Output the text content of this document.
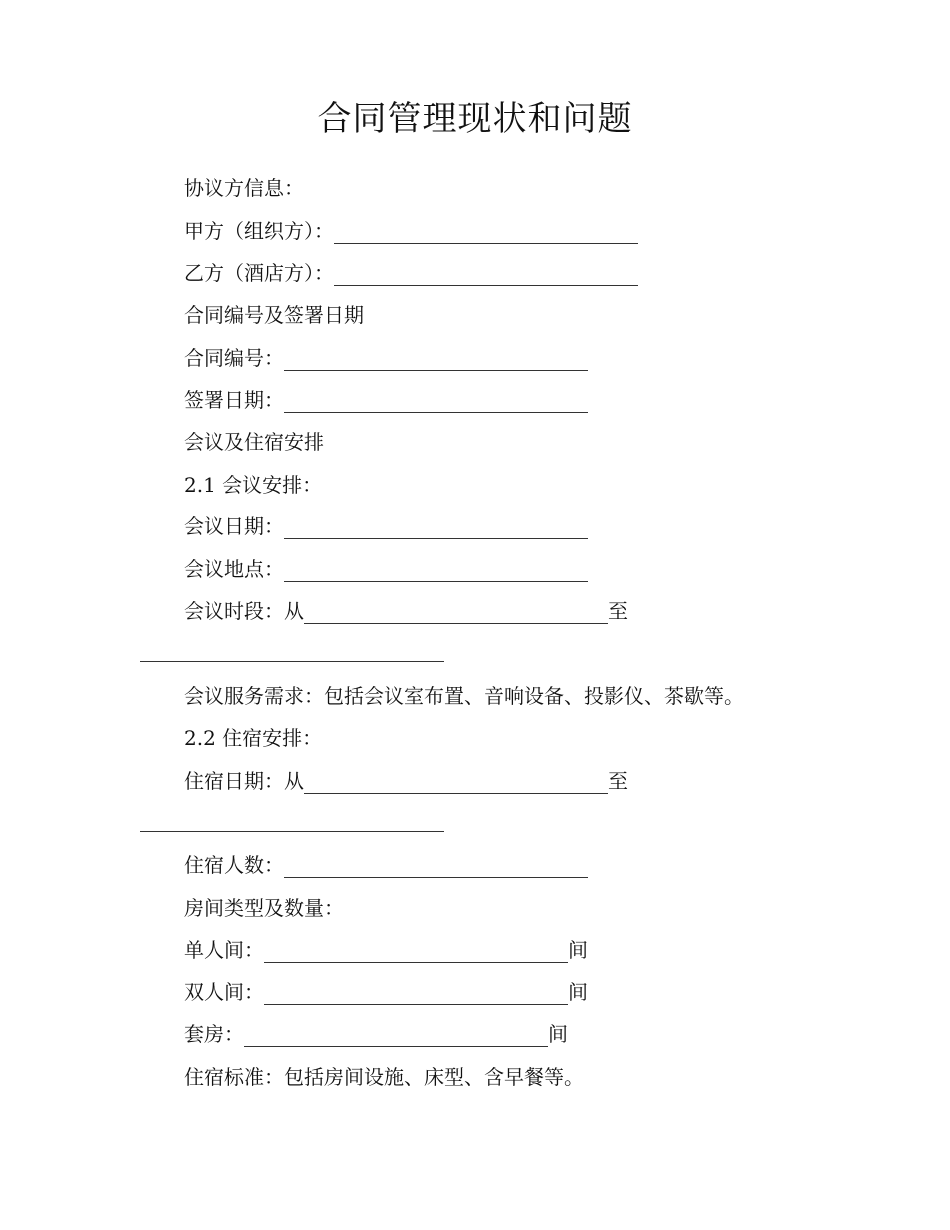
合同管理现状和问题
协议方信息：
甲方（组织方）：
乙方（酒店方）：
合同编号及签署日期
合同编号：
签署日期：
会议及住宿安排
2.1 会议安排：
会议日期：
会议地点：
会议时段：从	至
会议服务需求：包括会议室布置、音响设备、投影仪、茶歇等。
2.2 住宿安排：
住宿日期：从	至
住宿人数：
房间类型及数量：
单人间：	间
双人间：	间
套房：	间
住宿标准：包括房间设施、床型、含早餐等。
